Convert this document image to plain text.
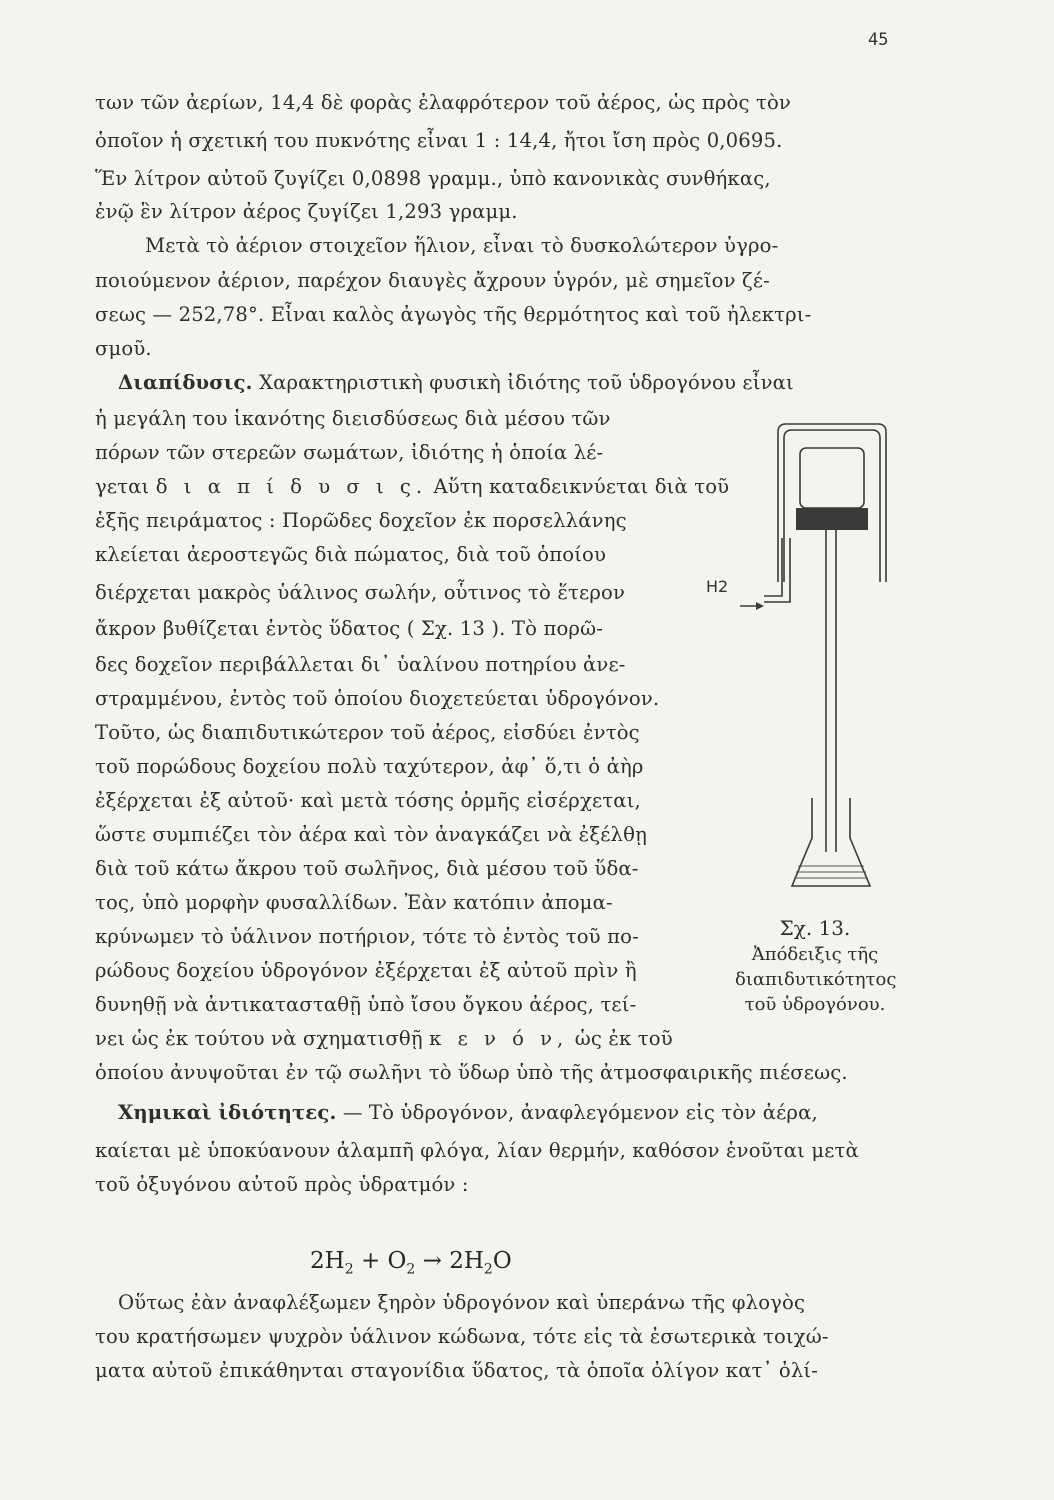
45
των τῶν ἀερίων, 14,4 δὲ φορὰς ἐλαφρότερον τοῦ ἀέρος, ὡς πρὸς τὸν
ὁποῖον ἡ σχετική του πυκνότης εἶναι 1 : 14,4, ἤτοι ἴση πρὸς 0,0695.
Ἕν λίτρον αὐτοῦ ζυγίζει 0,0898 γραμμ., ὑπὸ κανονικὰς συνθήκας,
ἐνῷ ἓν λίτρον ἀέρος ζυγίζει 1,293 γραμμ.
Μετὰ τὸ ἀέριον στοιχεῖον ἥλιον, εἶναι τὸ δυσκολώτερον ὑγρο-
ποιούμενον ἀέριον, παρέχον διαυγὲς ἄχρουν ὑγρόν, μὲ σημεῖον ζέ-
σεως — 252,78°. Εἶναι καλὸς ἀγωγὸς τῆς θερμότητος καὶ τοῦ ἠλεκτρι-
σμοῦ.
Διαπίδυσις. Χαρακτηριστικὴ φυσικὴ ἰδιότης τοῦ ὑδρογόνου εἶναι
ἡ μεγάλη του ἱκανότης διεισδύσεως διὰ μέσου τῶν
πόρων τῶν στερεῶν σωμάτων, ἰδιότης ἡ ὁποία λέ-
γεται δ ι α π ί δ υ σ ι ς. Αὕτη καταδεικνύεται διὰ τοῦ
ἑξῆς πειράματος : Πορῶδες δοχεῖον ἐκ πορσελλάνης
κλείεται ἀεροστεγῶς διὰ πώματος, διὰ τοῦ ὁποίου
διέρχεται μακρὸς ὑάλινος σωλήν, οὗτινος τὸ ἕτερον
ἄκρον βυθίζεται ἐντὸς ὕδατος ( Σχ. 13 ). Τὸ πορῶ-
δες δοχεῖον περιβάλλεται δι᾽ ὑαλίνου ποτηρίου ἀνε-
στραμμένου, ἐντὸς τοῦ ὁποίου διοχετεύεται ὑδρογόνον.
Τοῦτο, ὡς διαπιδυτικώτερον τοῦ ἀέρος, εἰσδύει ἐντὸς
τοῦ πορώδους δοχείου πολὺ ταχύτερον, ἀφ᾽ ὅ,τι ὁ ἀὴρ
ἐξέρχεται ἐξ αὐτοῦ· καὶ μετὰ τόσης ὁρμῆς εἰσέρχεται,
ὥστε συμπιέζει τὸν ἀέρα καὶ τὸν ἀναγκάζει νὰ ἐξέλθῃ
διὰ τοῦ κάτω ἄκρου τοῦ σωλῆνος, διὰ μέσου τοῦ ὕδα-
τος, ὑπὸ μορφὴν φυσαλλίδων. Ἐὰν κατόπιν ἀπομα-
κρύνωμεν τὸ ὑάλινον ποτήριον, τότε τὸ ἐντὸς τοῦ πο-
ρώδους δοχείου ὑδρογόνον ἐξέρχεται ἐξ αὐτοῦ πρὶν ἢ
δυνηθῇ νὰ ἀντικατασταθῇ ὑπὸ ἴσου ὄγκου ἀέρος, τεί-
νει ὡς ἐκ τούτου νὰ σχηματισθῇ κ ε ν ό ν, ὡς ἐκ τοῦ
ὁποίου ἀνυψοῦται ἐν τῷ σωλῆνι τὸ ὕδωρ ὑπὸ τῆς ἀτμοσφαιρικῆς πιέσεως.
Χημικαὶ ἰδιότητες. — Τὸ ὑδρογόνον, ἀναφλεγόμενον εἰς τὸν ἀέρα,
καίεται μὲ ὑποκύανουν ἀλαμπῆ φλόγα, λίαν θερμήν, καθόσον ἑνοῦται μετὰ
τοῦ ὀξυγόνου αὐτοῦ πρὸς ὑδρατμόν :
Οὕτως ἐὰν ἀναφλέξωμεν ξηρὸν ὑδρογόνον καὶ ὑπεράνω τῆς φλογὸς
του κρατήσωμεν ψυχρὸν ὑάλινον κώδωνα, τότε εἰς τὰ ἐσωτερικὰ τοιχώ-
ματα αὐτοῦ ἐπικάθηνται σταγονίδια ὕδατος, τὰ ὁποῖα ὀλίγον κατ᾽ ὀλί-
$2H_2 + O_2 \to 2H_2O$
H2
Σχ. 13. Ἀπόδειξις τῆς διαπιδυτικότητος τοῦ ὑδρογόνου.
